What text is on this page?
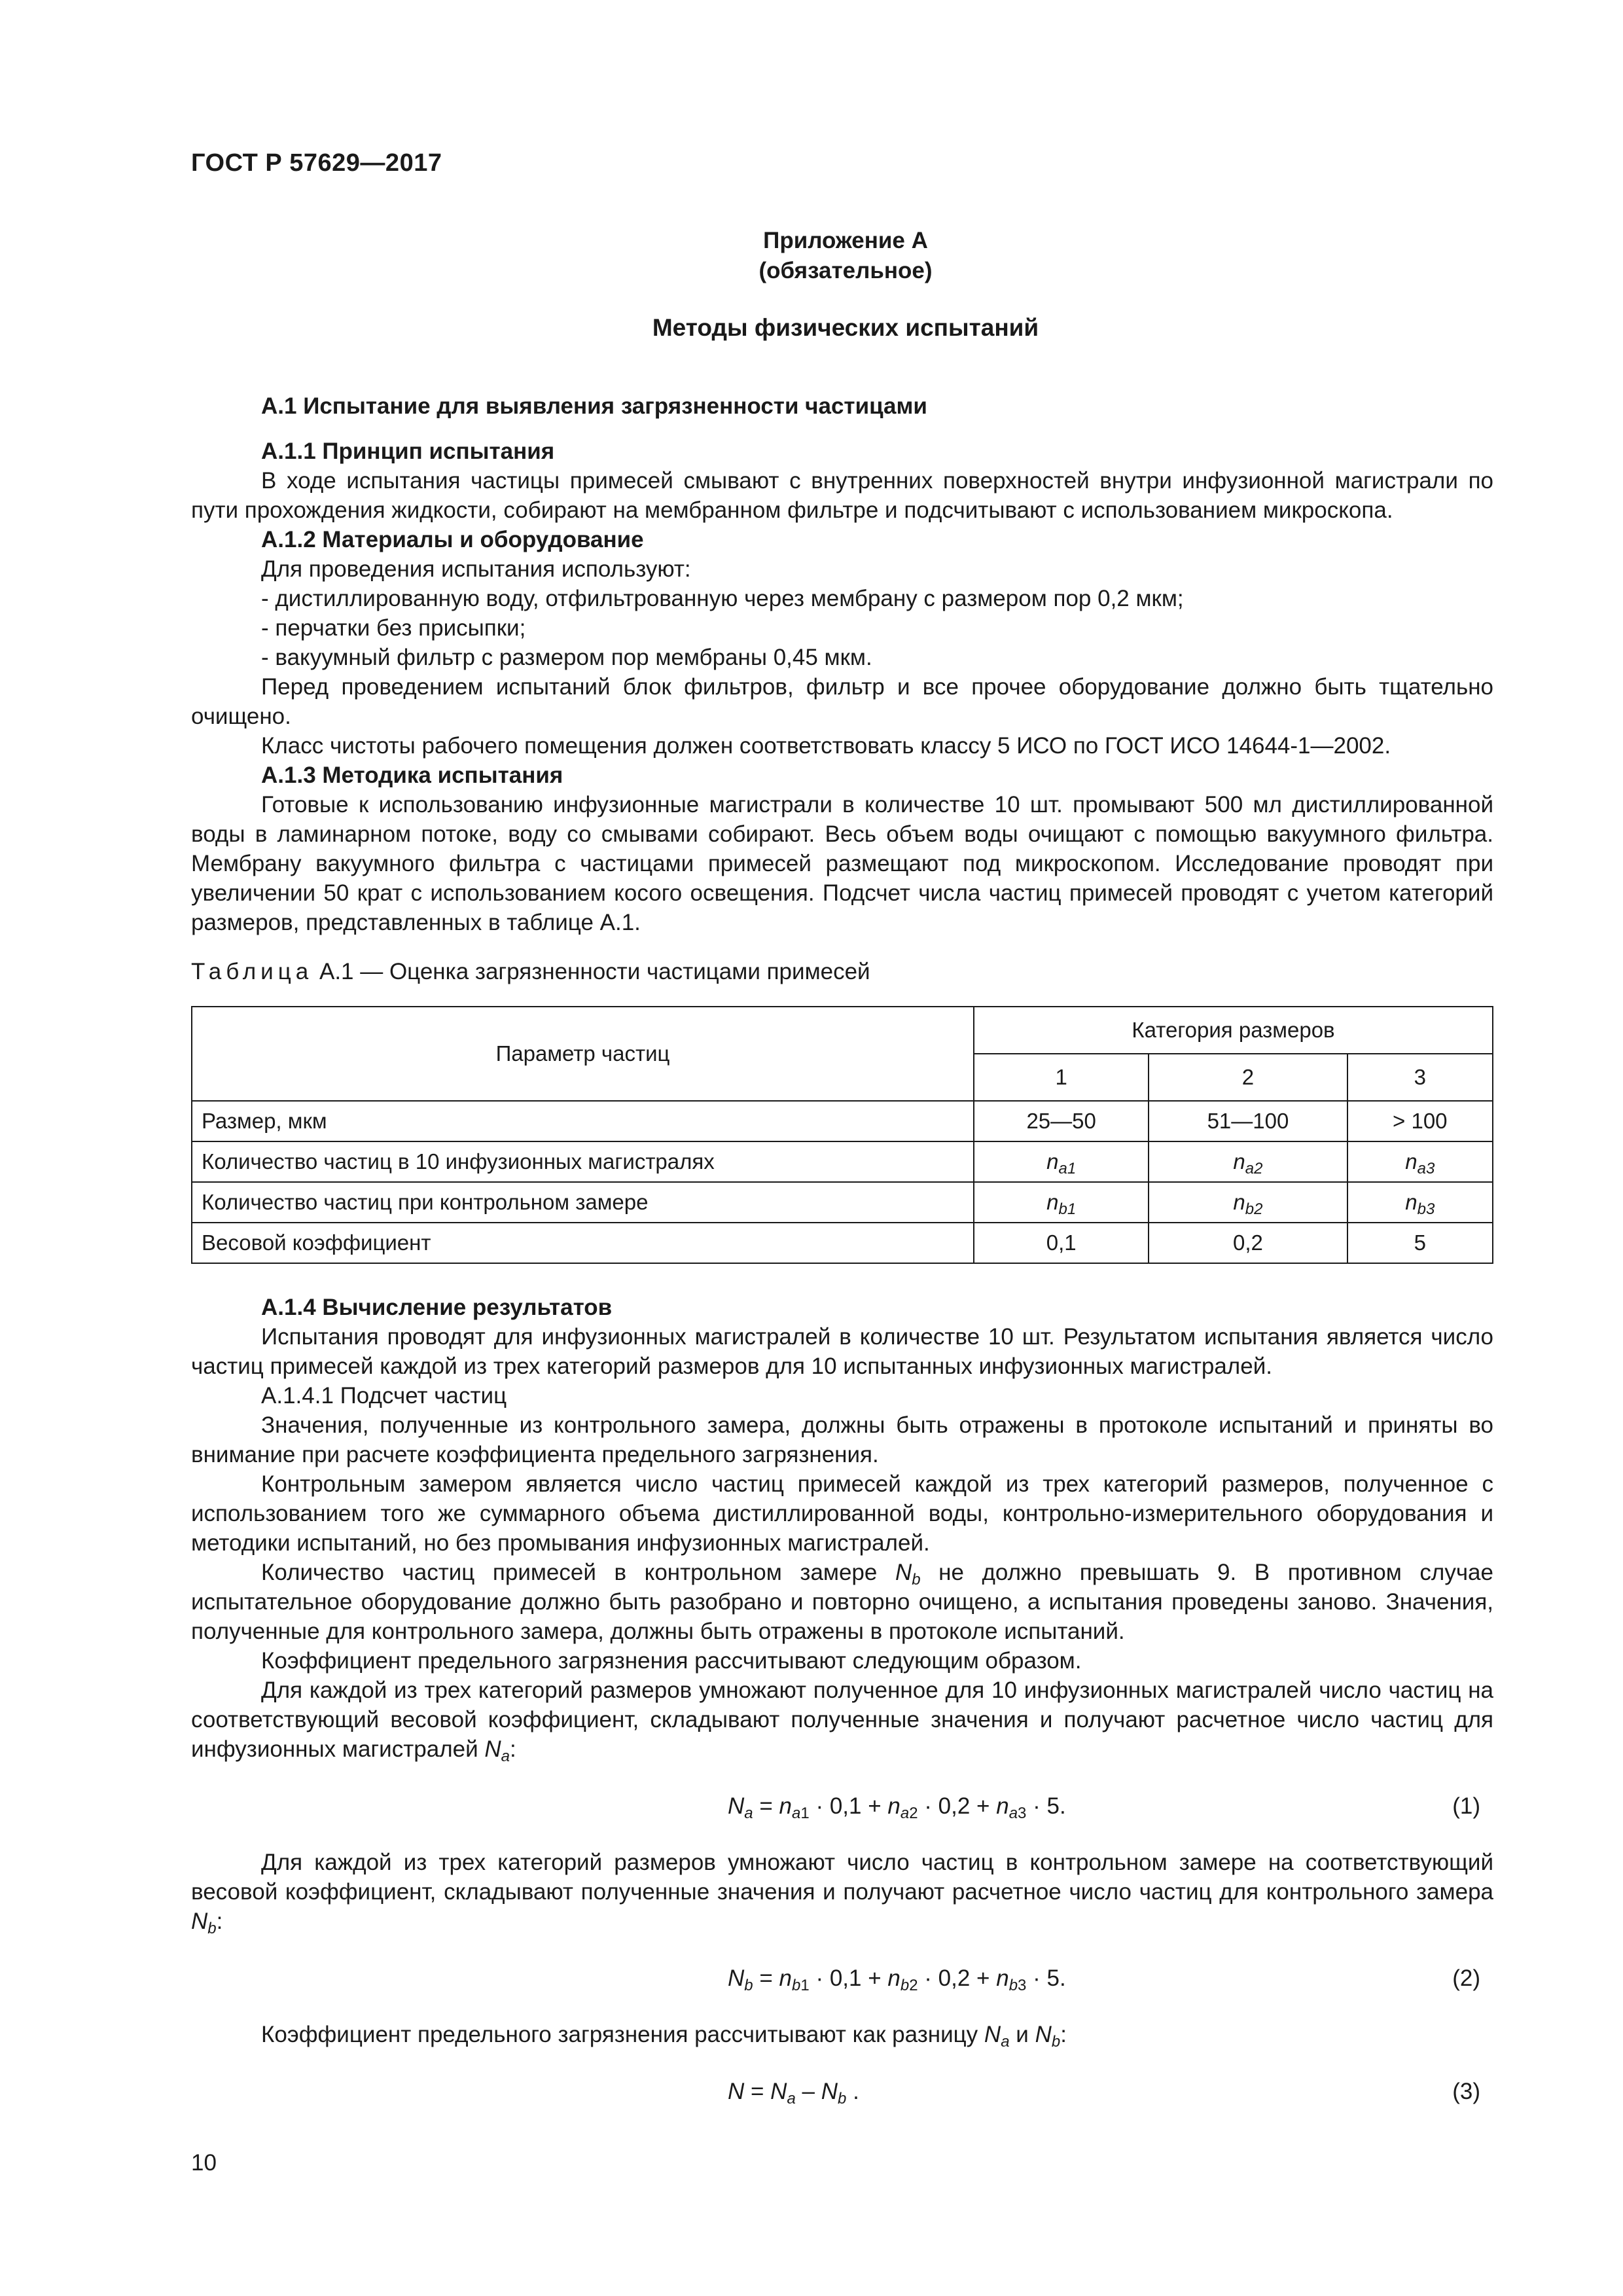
ГОСТ Р 57629—2017
Приложение А
(обязательное)
Методы физических испытаний

А.1 Испытание для выявления загрязненности частицами

А.1.1 Принцип испытания

В ходе испытания частицы примесей смывают с внутренних поверхностей внутри инфузионной магистрали по пути прохождения жидкости, собирают на мембранном фильтре и подсчитывают с использованием микроскопа.

А.1.2 Материалы и оборудование

Для проведения испытания используют:

- дистиллированную воду, отфильтрованную через мембрану с размером пор 0,2 мкм;

- перчатки без присыпки;

- вакуумный фильтр с размером пор мембраны 0,45 мкм.

Перед проведением испытаний блок фильтров, фильтр и все прочее оборудование должно быть тщательно очищено.

Класс чистоты рабочего помещения должен соответствовать классу 5 ИСО по ГОСТ ИСО 14644-1—2002.

А.1.3 Методика испытания

Готовые к использованию инфузионные магистрали в количестве 10 шт. промывают 500 мл дистиллированной воды в ламинарном потоке, воду со смывами собирают. Весь объем воды очищают с помощью вакуумного фильтра. Мембрану вакуумного фильтра с частицами примесей размещают под микроскопом. Исследование проводят при увеличении 50 крат с использованием косого освещения. Подсчет числа частиц примесей проводят с учетом категорий размеров, представленных в таблице А.1.

Таблица А.1 — Оценка загрязненности частицами примесей

Параметр частиц	Категория размеров		
	1	2	3
Размер, мкм	25—50	51—100	> 100
Количество частиц в 10 инфузионных магистралях	$n_{a1}$	$n_{a2}$	$n_{a3}$
Количество частиц при контрольном замере	$n_{b1}$	$n_{b2}$	$n_{b3}$
Весовой коэффициент	0,1	0,2	5

А.1.4 Вычисление результатов

Испытания проводят для инфузионных магистралей в количестве 10 шт. Результатом испытания является число частиц примесей каждой из трех категорий размеров для 10 испытанных инфузионных магистралей.

А.1.4.1 Подсчет частиц

Значения, полученные из контрольного замера, должны быть отражены в протоколе испытаний и приняты во внимание при расчете коэффициента предельного загрязнения.

Контрольным замером является число частиц примесей каждой из трех категорий размеров, полученное с использованием того же суммарного объема дистиллированной воды, контрольно-измерительного оборудования и методики испытаний, но без промывания инфузионных магистралей.

Количество частиц примесей в контрольном замере $N_b$ не должно превышать 9. В противном случае испытательное оборудование должно быть разобрано и повторно очищено, а испытания проведены заново. Значения, полученные для контрольного замера, должны быть отражены в протоколе испытаний.

Коэффициент предельного загрязнения рассчитывают следующим образом.

Для каждой из трех категорий размеров умножают полученное для 10 инфузионных магистралей число частиц на соответствующий весовой коэффициент, складывают полученные значения и получают расчетное число частиц для инфузионных магистралей $N_a$:

$N_a = n_{a1} \cdot 0,1 + n_{a2} \cdot 0,2 + n_{a3} \cdot 5$.	(1)

Для каждой из трех категорий размеров умножают число частиц в контрольном замере на соответствующий весовой коэффициент, складывают полученные значения и получают расчетное число частиц для контрольного замера $N_b$:

$N_b = n_{b1} \cdot 0,1 + n_{b2} \cdot 0,2 + n_{b3} \cdot 5$.	(2)

Коэффициент предельного загрязнения рассчитывают как разницу $N_a$ и $N_b$:

$N = N_a - N_b$ .	(3)
10
